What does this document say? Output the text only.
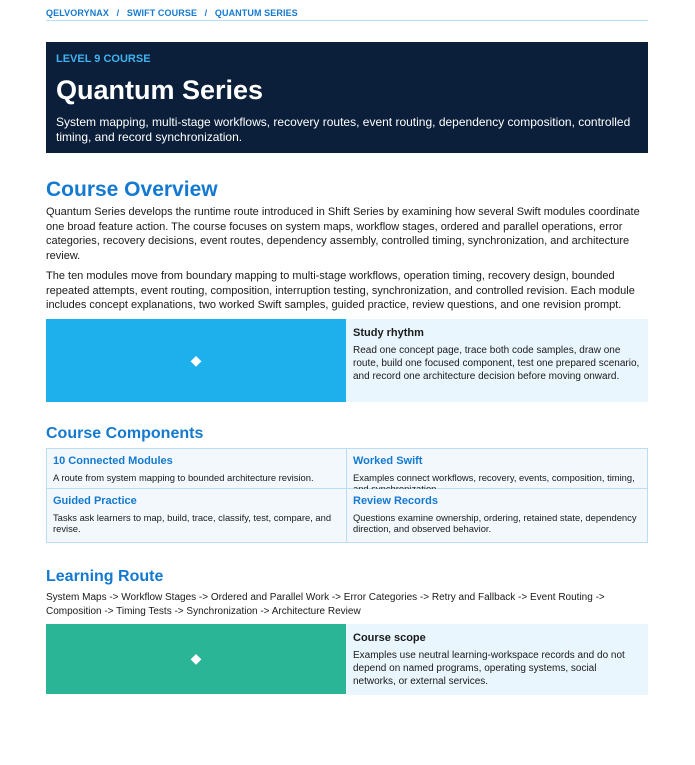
QELVORYNAX / SWIFT COURSE / QUANTUM SERIES
LEVEL 9 COURSE
Quantum Series
System mapping, multi-stage workflows, recovery routes, event routing, dependency composition, controlled timing, and record synchronization.
Course Overview

Quantum Series develops the runtime route introduced in Shift Series by examining how several Swift modules coordinate one broad feature action. The course focuses on system maps, workflow stages, ordered and parallel operations, error categories, recovery decisions, event routes, dependency assembly, controlled timing, synchronization, and architecture review.

The ten modules move from boundary mapping to multi-stage workflows, operation timing, recovery design, bounded repeated attempts, event routing, composition, interruption testing, synchronization, and controlled revision. Each module includes concept explanations, two worked Swift samples, guided practice, review questions, and one revision prompt.

◆
Study rhythm
Read one concept page, trace both code samples, draw one route, build one focused component, test one prepared scenario, and record one architecture decision before moving onward.
Course Components
10 Connected Modules
A route from system mapping to bounded architecture revision.
Worked Swift
Examples connect workflows, recovery, events, composition, timing,
Guided Practice
Tasks ask learners to map, build, trace, classify, test, compare, and revise.
Review Records
Questions examine ownership, ordering, retained state, dependency direction, and observed behavior.
Learning Route

System Maps -> Workflow Stages -> Ordered and Parallel Work -> Error Categories -> Retry and Fallback -> Event Routing -> Composition -> Timing Tests -> Synchronization -> Architecture Review

◆
Course scope
Examples use neutral learning-workspace records and do not depend on named programs, operating systems, social networks, or external services.
